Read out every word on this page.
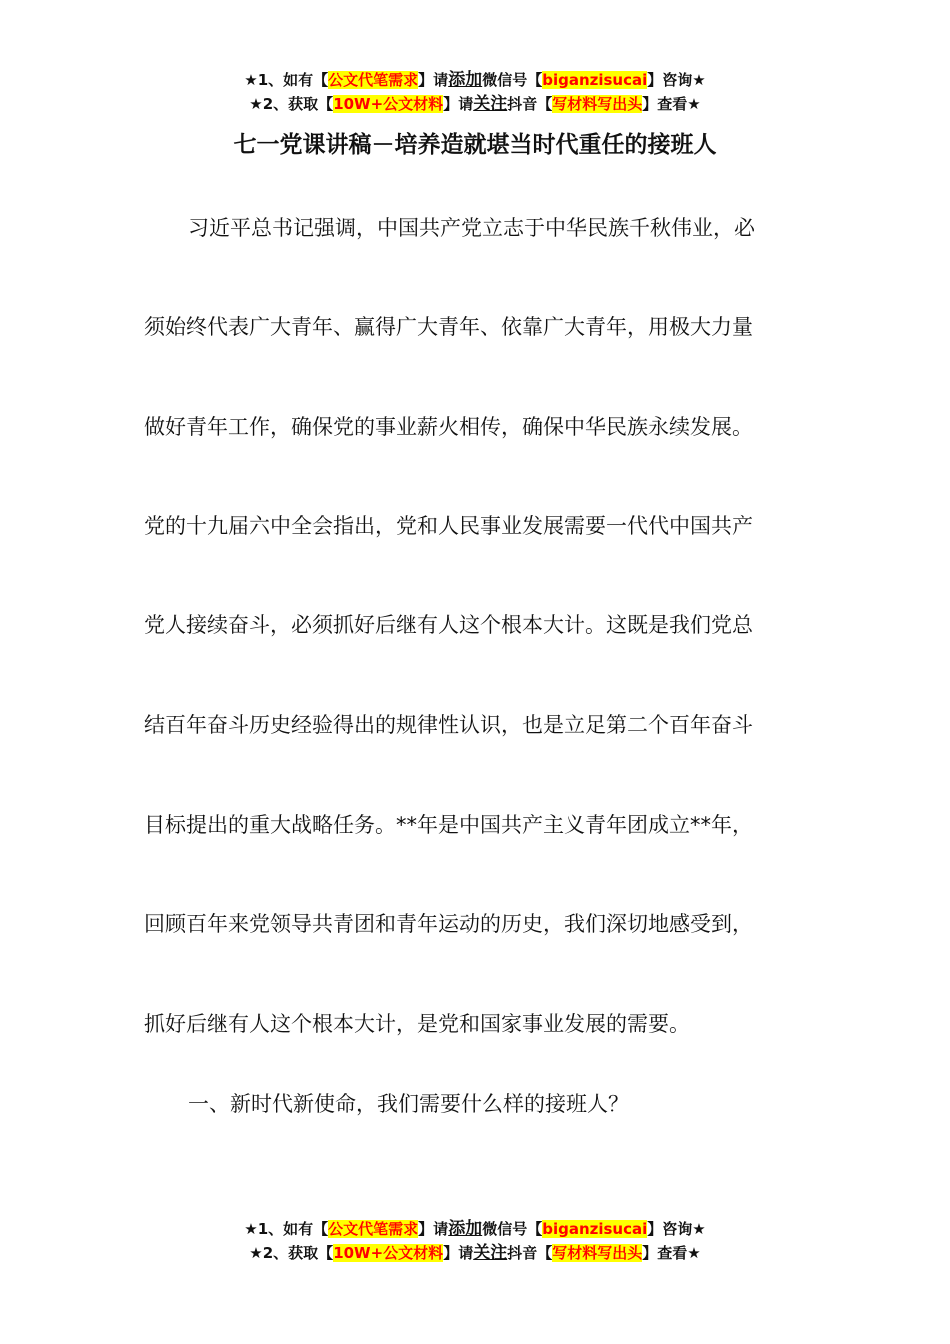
★1、如有【公文代笔需求】请添加微信号【biganzisucai】咨询★
★2、获取【10W+公文材料】请关注抖音【写材料写出头】查看★
七一党课讲稿－培养造就堪当时代重任的接班人
习近平总书记强调，中国共产党立志于中华民族千秋伟业，必
须始终代表广大青年、赢得广大青年、依靠广大青年，用极大力量
做好青年工作，确保党的事业薪火相传，确保中华民族永续发展。
党的十九届六中全会指出，党和人民事业发展需要一代代中国共产
党人接续奋斗，必须抓好后继有人这个根本大计。这既是我们党总
结百年奋斗历史经验得出的规律性认识，也是立足第二个百年奋斗
目标提出的重大战略任务。**年是中国共产主义青年团成立**年，
回顾百年来党领导共青团和青年运动的历史，我们深切地感受到，
抓好后继有人这个根本大计，是党和国家事业发展的需要。
一、新时代新使命，我们需要什么样的接班人？
★1、如有【公文代笔需求】请添加微信号【biganzisucai】咨询★
★2、获取【10W+公文材料】请关注抖音【写材料写出头】查看★
